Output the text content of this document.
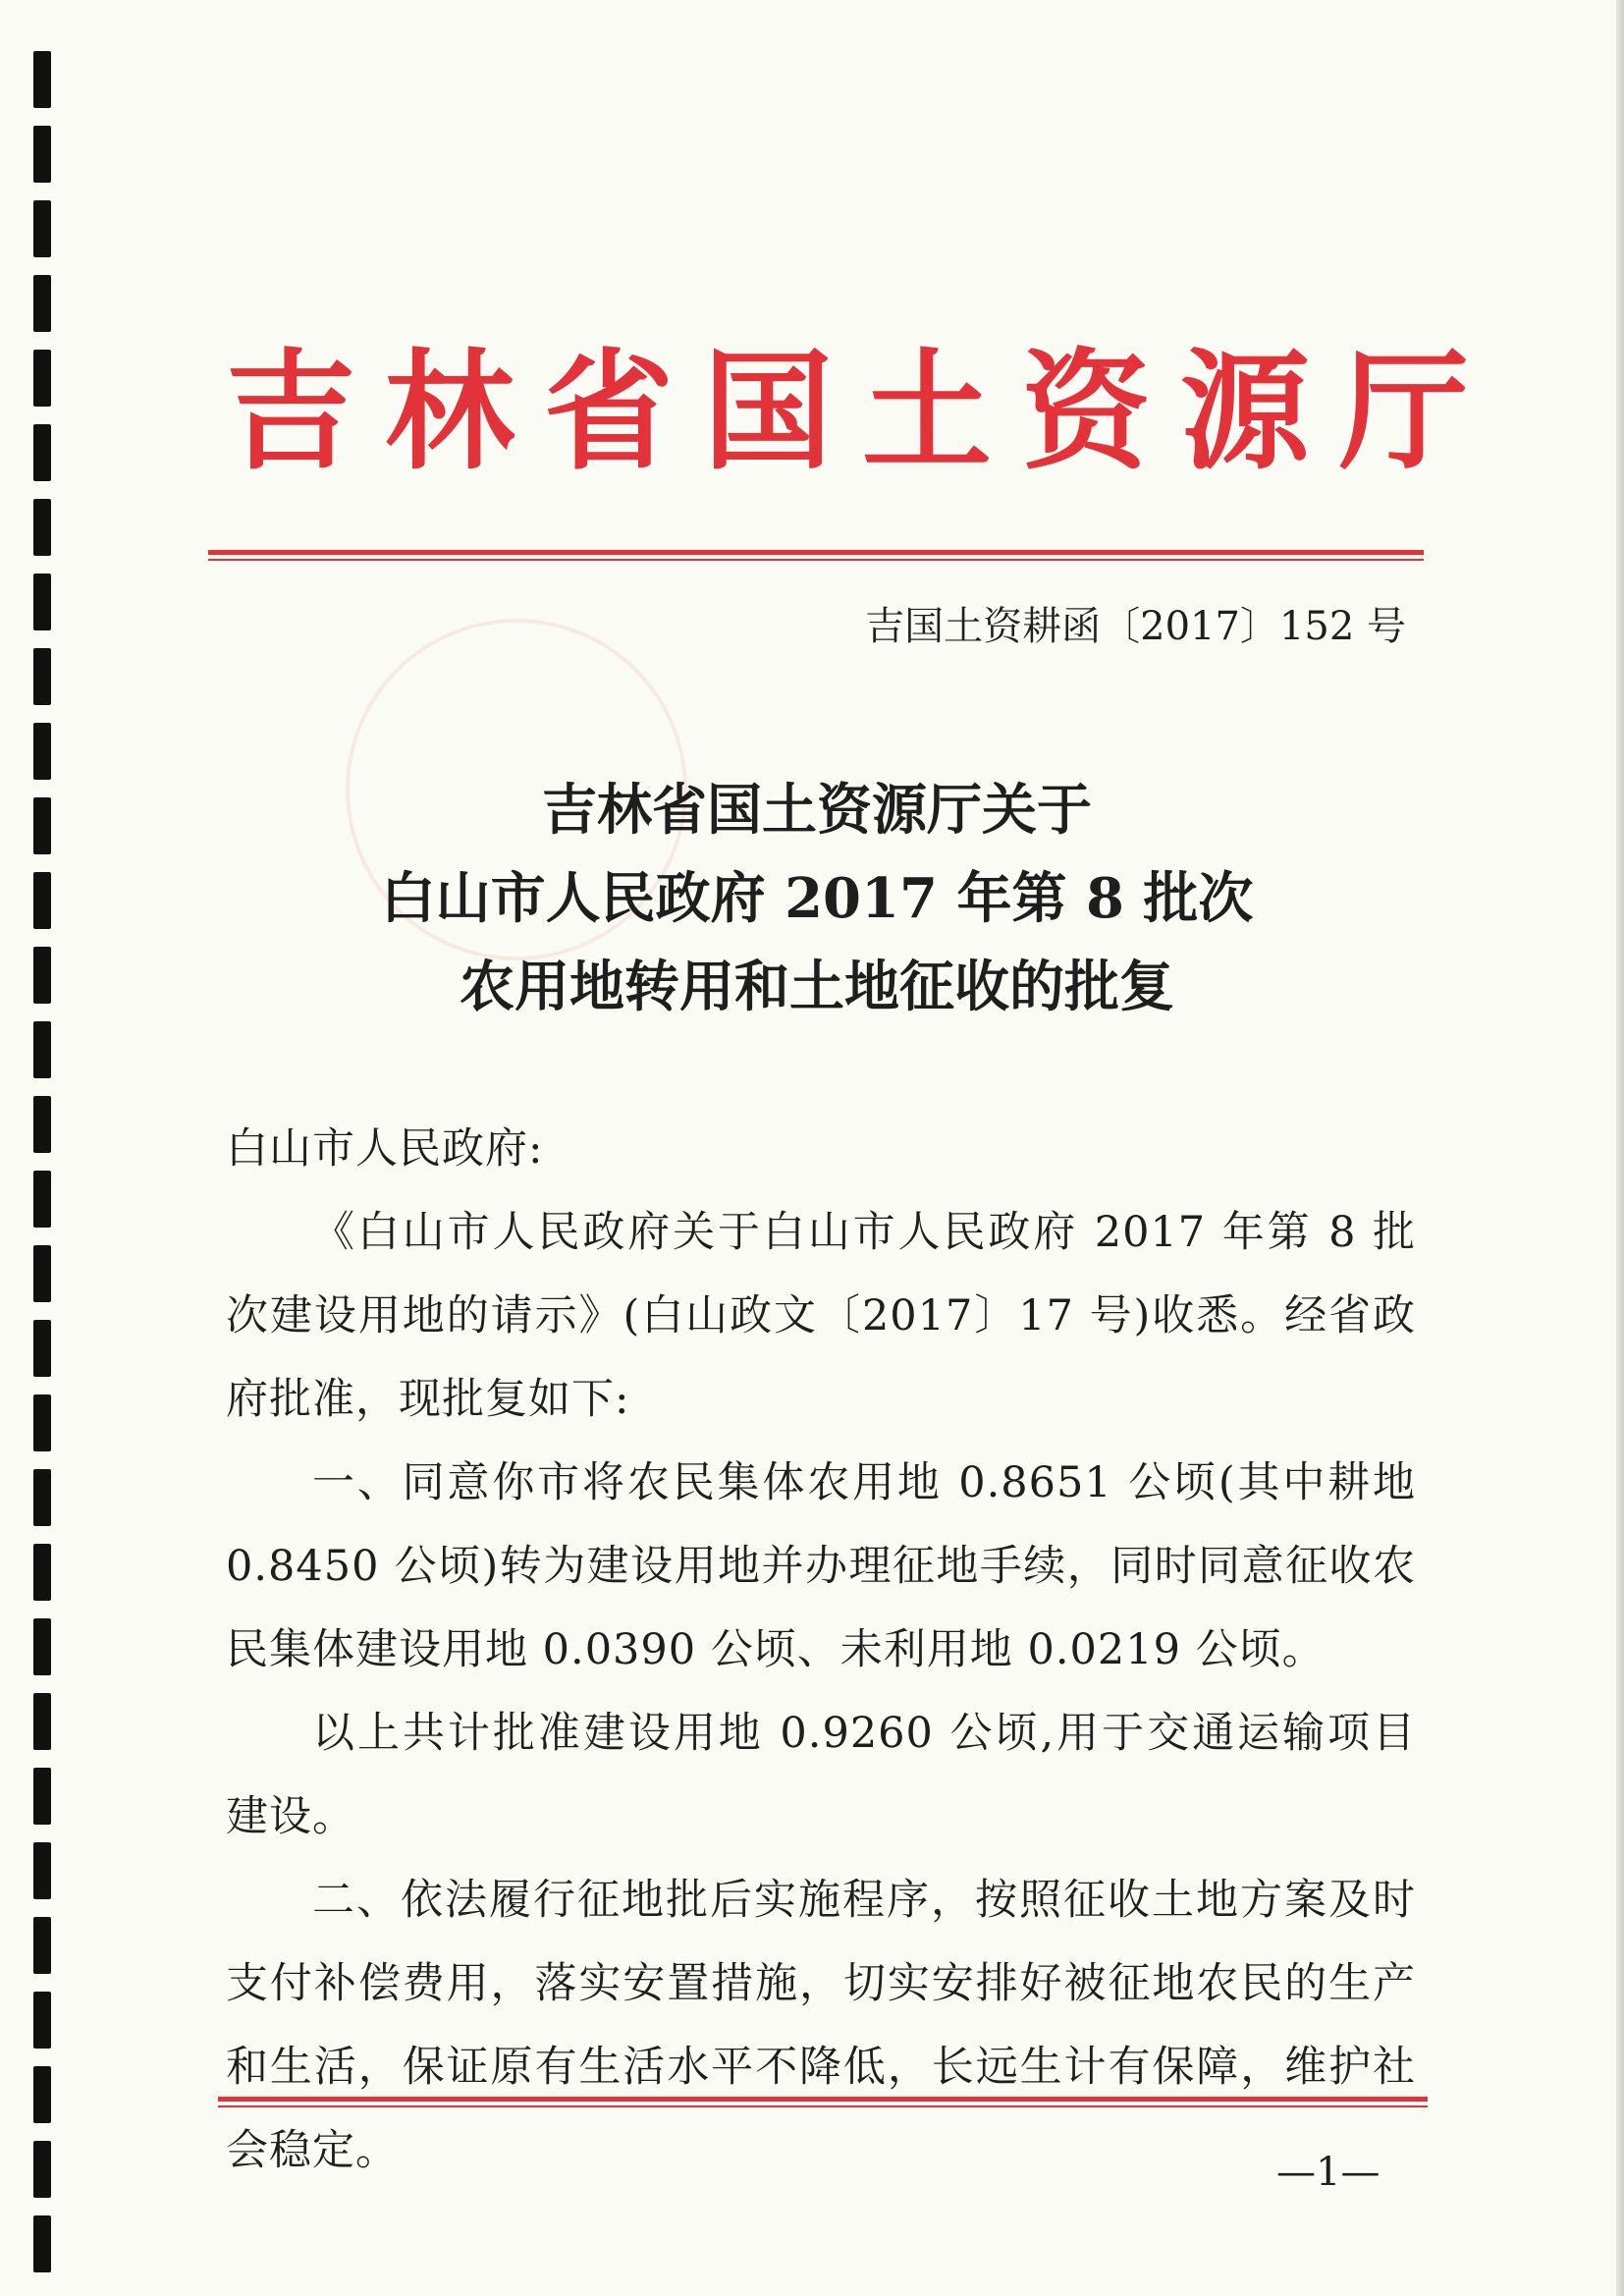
吉林省国土资源厅
吉国土资耕函〔2017〕152 号
吉林省国土资源厅关于
白山市人民政府 2017 年第 8 批次
农用地转用和土地征收的批复

白山市人民政府:

《白山市人民政府关于白山市人民政府 2017 年第 8 批次建设用地的请示》(白山政文〔2017〕17 号)收悉。经省政府批准，现批复如下:

一、同意你市将农民集体农用地 0.8651 公顷(其中耕地 0.8450 公顷)转为建设用地并办理征地手续，同时同意征收农民集体建设用地 0.0390 公顷、未利用地 0.0219 公顷。

以上共计批准建设用地 0.9260 公顷,用于交通运输项目建设。

二、依法履行征地批后实施程序，按照征收土地方案及时支付补偿费用，落实安置措施，切实安排好被征地农民的生产和生活，保证原有生活水平不降低，长远生计有保障，维护社会稳定。	—1—
